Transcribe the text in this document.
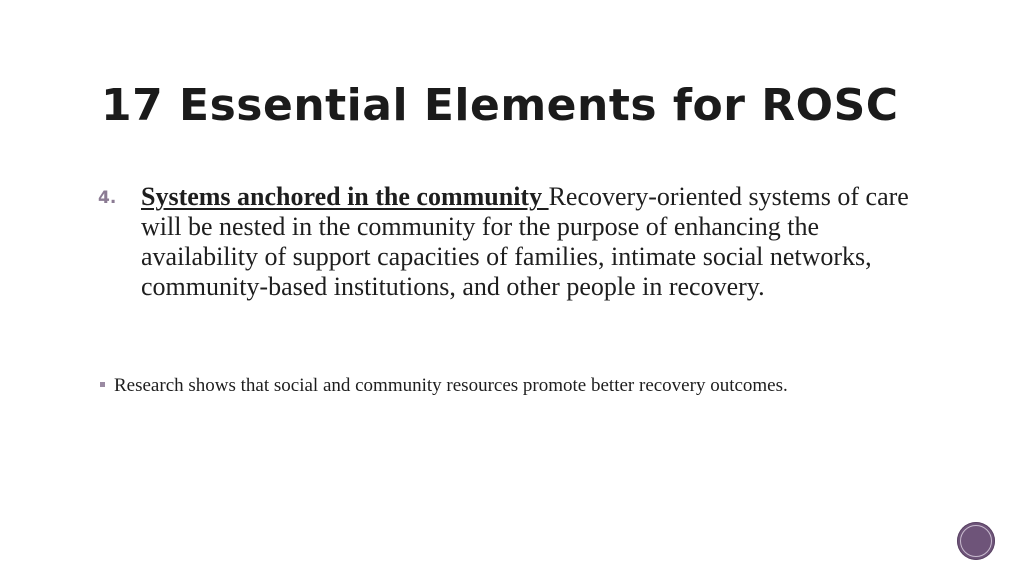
17 Essential Elements for ROSC
4. Systems anchored in the community Recovery-oriented systems of care will be nested in the community for the purpose of enhancing the availability of support capacities of families, intimate social networks, community-based institutions, and other people in recovery.
Research shows that social and community resources promote better recovery outcomes.
